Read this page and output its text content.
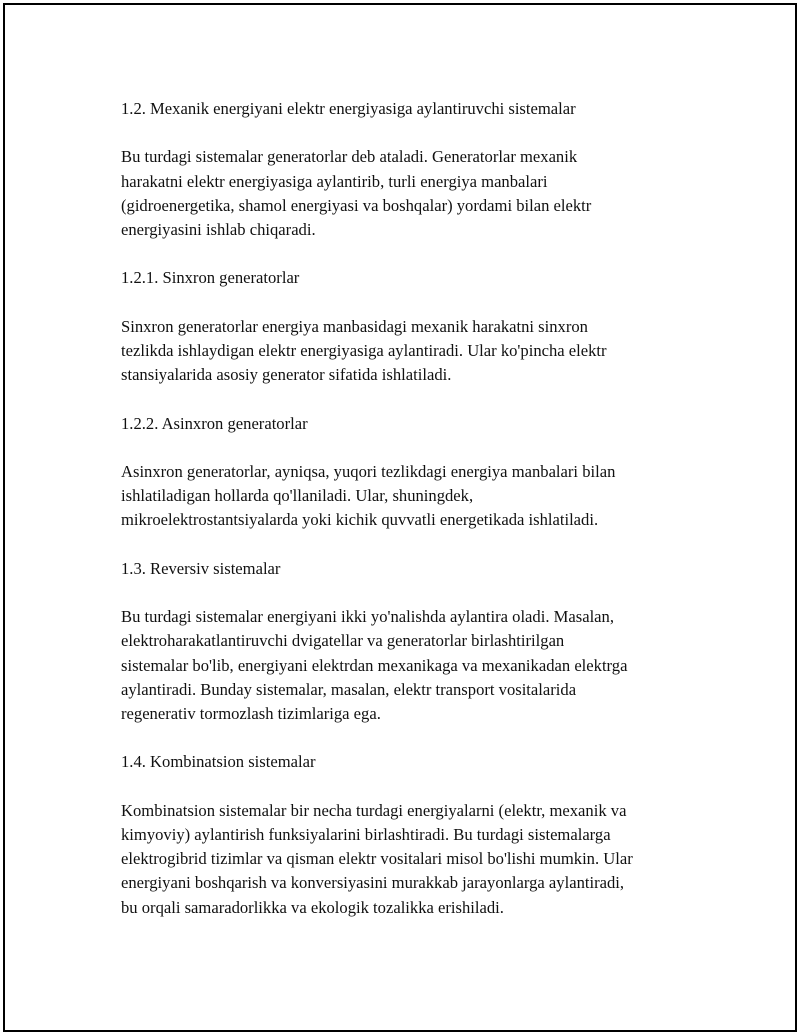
1.2. Mexanik energiyani elektr energiyasiga aylantiruvchi sistemalar

Bu turdagi sistemalar generatorlar deb ataladi. Generatorlar mexanik
harakatni elektr energiyasiga aylantirib, turli energiya manbalari
(gidroenergetika, shamol energiyasi va boshqalar) yordami bilan elektr
energiyasini ishlab chiqaradi.

1.2.1. Sinxron generatorlar

Sinxron generatorlar energiya manbasidagi mexanik harakatni sinxron
tezlikda ishlaydigan elektr energiyasiga aylantiradi. Ular ko'pincha elektr
stansiyalarida asosiy generator sifatida ishlatiladi.

1.2.2. Asinxron generatorlar

Asinxron generatorlar, ayniqsa, yuqori tezlikdagi energiya manbalari bilan
ishlatiladigan hollarda qo'llaniladi. Ular, shuningdek,
mikroelektrostantsiyalarda yoki kichik quvvatli energetikada ishlatiladi.

1.3. Reversiv sistemalar

Bu turdagi sistemalar energiyani ikki yo'nalishda aylantira oladi. Masalan,
elektroharakatlantiruvchi dvigatellar va generatorlar birlashtirilgan
sistemalar bo'lib, energiyani elektrdan mexanikaga va mexanikadan elektrga
aylantiradi. Bunday sistemalar, masalan, elektr transport vositalarida
regenerativ tormozlash tizimlariga ega.

1.4. Kombinatsion sistemalar

Kombinatsion sistemalar bir necha turdagi energiyalarni (elektr, mexanik va
kimyoviy) aylantirish funksiyalarini birlashtiradi. Bu turdagi sistemalarga
elektrogibrid tizimlar va qisman elektr vositalari misol bo'lishi mumkin. Ular
energiyani boshqarish va konversiyasini murakkab jarayonlarga aylantiradi,
bu orqali samaradorlikka va ekologik tozalikka erishiladi.
